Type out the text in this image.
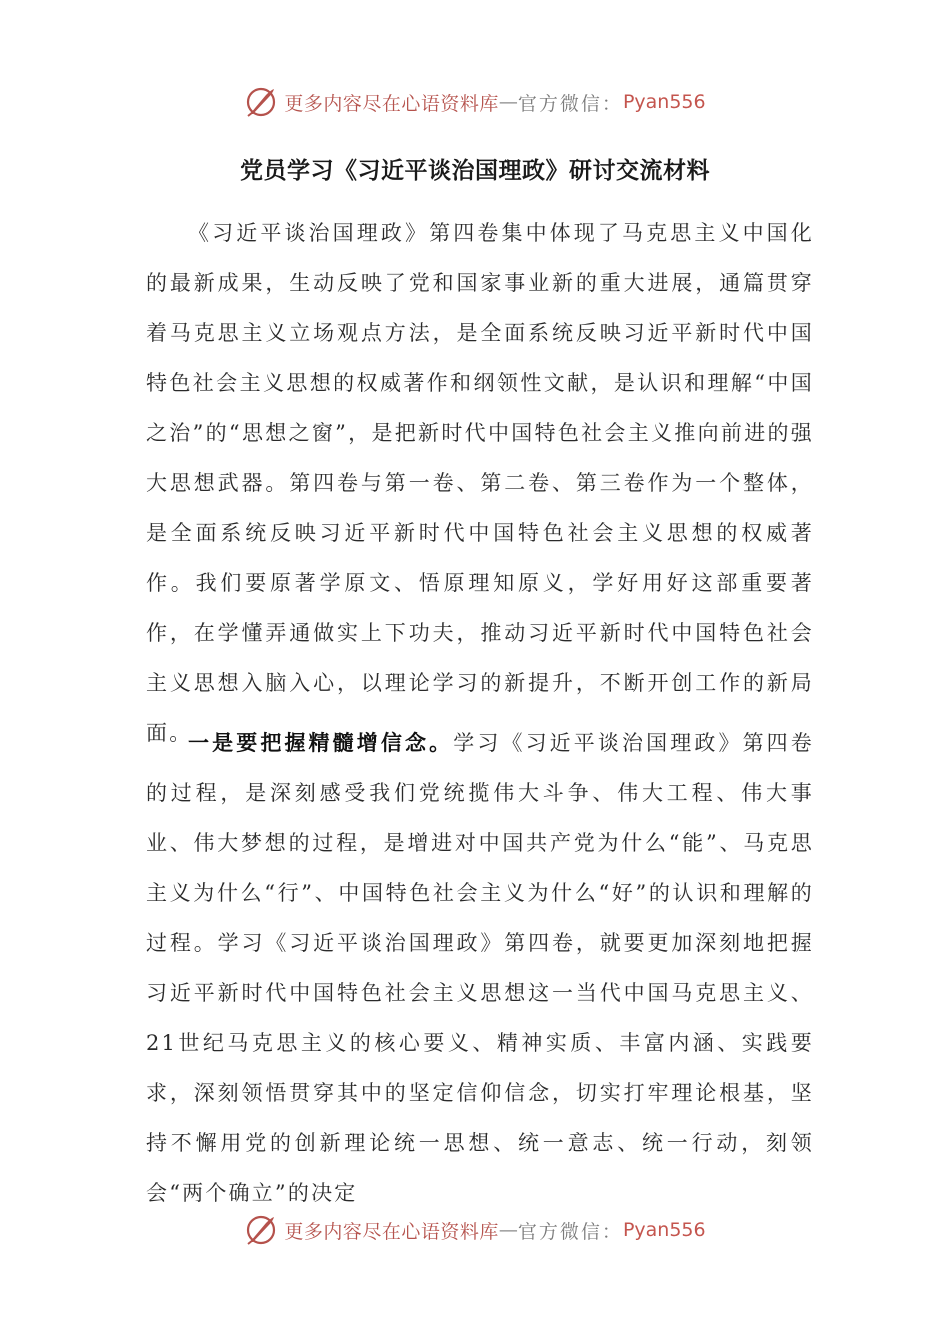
更多内容尽在心语资料库 — 官方微信： Pyan556
党员学习《习近平谈治国理政》研讨交流材料
《习近平谈治国理政》第四卷集中体现了马克思主义中国化的最新成果，生动反映了党和国家事业新的重大进展，通篇贯穿着马克思主义立场观点方法，是全面系统反映习近平新时代中国特色社会主义思想的权威著作和纲领性文献，是认识和理解“中国之治”的“思想之窗”，是把新时代中国特色社会主义推向前进的强大思想武器。第四卷与第一卷、第二卷、第三卷作为一个整体，是全面系统反映习近平新时代中国特色社会主义思想的权威著作。我们要原著学原文、悟原理知原义，学好用好这部重要著作，在学懂弄通做实上下功夫，推动习近平新时代中国特色社会主义思想入脑入心，以理论学习的新提升，不断开创工作的新局面。
一是要把握精髓增信念。学习《习近平谈治国理政》第四卷的过程，是深刻感受我们党统揽伟大斗争、伟大工程、伟大事业、伟大梦想的过程，是增进对中国共产党为什么“能”、马克思主义为什么“行”、中国特色社会主义为什么“好”的认识和理解的过程。学习《习近平谈治国理政》第四卷，就要更加深刻地把握习近平新时代中国特色社会主义思想这一当代中国马克思主义、21世纪马克思主义的核心要义、精神实质、丰富内涵、实践要求，深刻领悟贯穿其中的坚定信仰信念，切实打牢理论根基，坚持不懈用党的创新理论统一思想、统一意志、统一行动，刻领会“两个确立”的决定
更多内容尽在心语资料库 — 官方微信： Pyan556
